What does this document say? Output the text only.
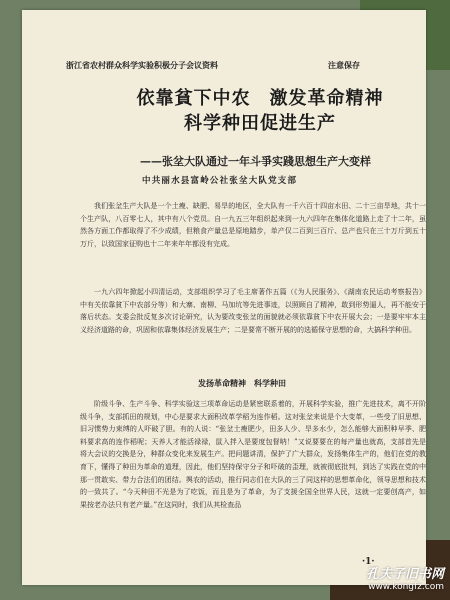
浙江省农村群众科学实验积极分子会议资料	注意保存
依靠貧下中农　激发革命精神
科学种田促进生产
——张坌大队通过一年斗爭实踐思想生产大变样
中共丽水县富岭公社张坌大队党支部

我们张坌生产大队是一个土瘦、缺肥、易旱的地区，全大队有一千六百十四亩水田、二十三亩旱地，共十一个生产队，八百零七人，其中有八个党员。自一九五三年组织起来到一九六四年在集体化道路上走了十二年，虽然各方面工作都取得了不少成绩，但粮食产量总是原地踏步，单产仅二百到三百斤、总产也只在三十万斤到五十万斤，以致国家征购也十二年来年年都没有完成。

一九六四年掀起小四清运动，支部组织学习了毛主席著作五篇（《为人民服务》、《湖南农民运动考察报告》中有关依靠貧下中农部分等）和大寨、南柳、马加坑等先进事迹，以照顾自了精神，敢到形势逼人，再不能安于落后状态。支委会批反复多次讨论研究，认为要改变张坌的面貌就必须依靠貧下中农开展大会；一是要牢牢本主义经济道路的命，巩固和依靠集体经济发展生产；二是要常不断开展的的选循保守思想的命，大搞科学种田。

发扬革命精神　科学种田

阶级斗争、生产斗争、科学实验这三项革命运动是紧密联系着的，开展科学实验，推广先进技术，离不开阶级斗争，支部抓田的规划，中心是要求大面积改革学稻为连作稻。这对张坌来说是个大变革，一些受了旧思想、旧习惯势力束缚的人吓破了胆。有的人说：“张坌土瘦肥少，田多人少、旱多水少，怎么能够大面积种早季、肥料要求高的连作稻呢；天养人才能活禄禄，鼠入拌入是要度包督呐！”又说要要在的每产量也就高，支部首先是将大会议的交换是分，种群众变化来发展生产。把问题讲清，保护了广大群众，发扬集体生产的，他们在党的教育下，懂得了种田为革命的道理，因此，他们坚持保守分子和吓破的歪理，就被彻底批判，到达了实践在党的中那一贯敢实、带力合法们的团结。舆农的活动，推行同志们在大队的三了同这样的思想革命化，领导思想和技术的一致共了。“今天种田不光是为了吃饭，而且是为了革命，为了支援全国全世界人民，这就一定要创高产，如果按老办法只有老产量。”在这同时，我们从其检查品

·1·
孔夫子旧书网
www.kongfz.com
